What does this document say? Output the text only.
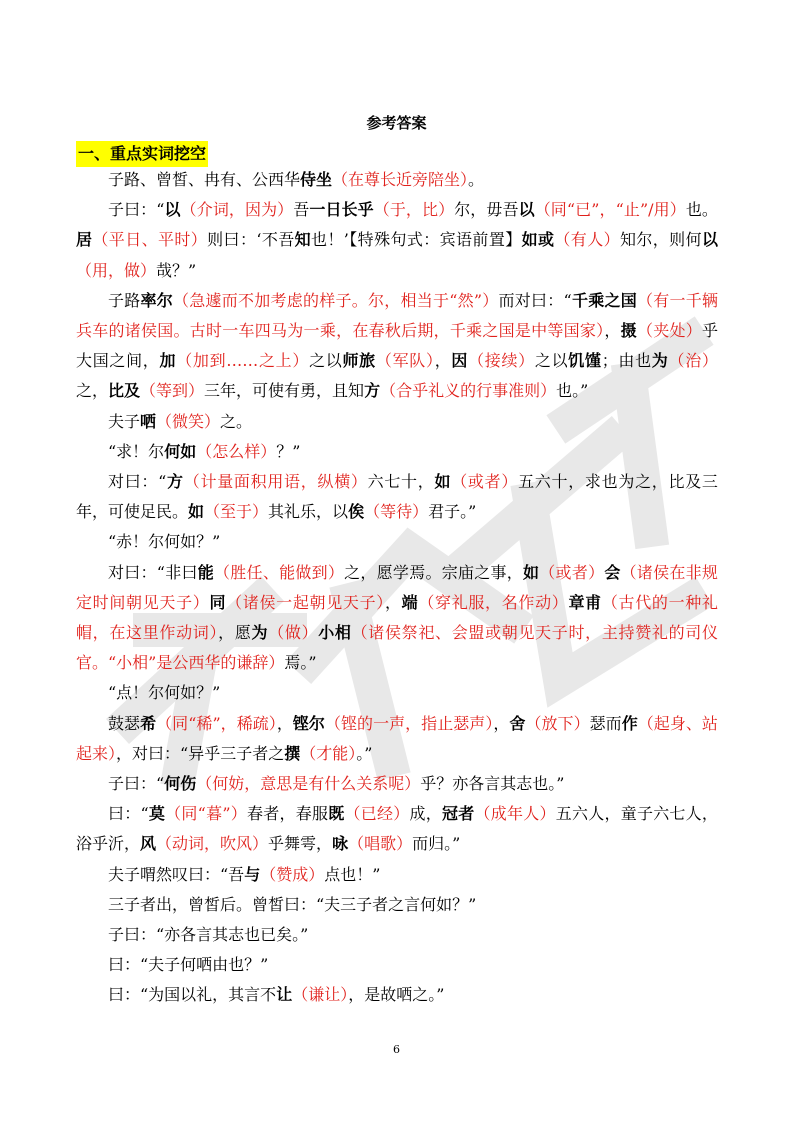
参考答案
一、重点实词挖空

子路、曾皙、冉有、公西华侍坐（在尊长近旁陪坐）。

子曰：“以（介词，因为）吾一日长乎（于，比）尔，毋吾以（同“已”，“止”/用）也。居（平日、平时）则曰：‘不吾知也！’【特殊句式：宾语前置】如或（有人）知尔，则何以（用，做）哉？”

子路率尔（急遽而不加考虑的样子。尔，相当于“然”）而对曰：“千乘之国（有一千辆兵车的诸侯国。古时一车四马为一乘，在春秋后期，千乘之国是中等国家），摄（夹处）乎大国之间，加（加到……之上）之以师旅（军队），因（接续）之以饥馑；由也为（治）之，比及（等到）三年，可使有勇，且知方（合乎礼义的行事准则）也。”

夫子哂（微笑）之。

“求！尔何如（怎么样）？”

对曰：“方（计量面积用语，纵横）六七十，如（或者）五六十，求也为之，比及三年，可使足民。如（至于）其礼乐，以俟（等待）君子。”

“赤！尔何如？”

对曰：“非曰能（胜任、能做到）之，愿学焉。宗庙之事，如（或者）会（诸侯在非规定时间朝见天子）同（诸侯一起朝见天子），端（穿礼服，名作动）章甫（古代的一种礼帽，在这里作动词），愿为（做）小相（诸侯祭祀、会盟或朝见天子时，主持赞礼的司仪官。“小相”是公西华的谦辞）焉。”

“点！尔何如？”

鼓瑟希（同“稀”，稀疏），铿尔（铿的一声，指止瑟声），舍（放下）瑟而作（起身、站起来），对曰：“异乎三子者之撰（才能）。”

子曰：“何伤（何妨，意思是有什么关系呢）乎？亦各言其志也。”

曰：“莫（同“暮”）春者，春服既（已经）成，冠者（成年人）五六人，童子六七人，浴乎沂，风（动词，吹风）乎舞雩，咏（唱歌）而归。”

夫子喟然叹曰：“吾与（赞成）点也！”

三子者出，曾皙后。曾皙曰：“夫三子者之言何如？”

子曰：“亦各言其志也已矣。”

曰：“夫子何哂由也？”

曰：“为国以礼，其言不让（谦让），是故哂之。”

6
